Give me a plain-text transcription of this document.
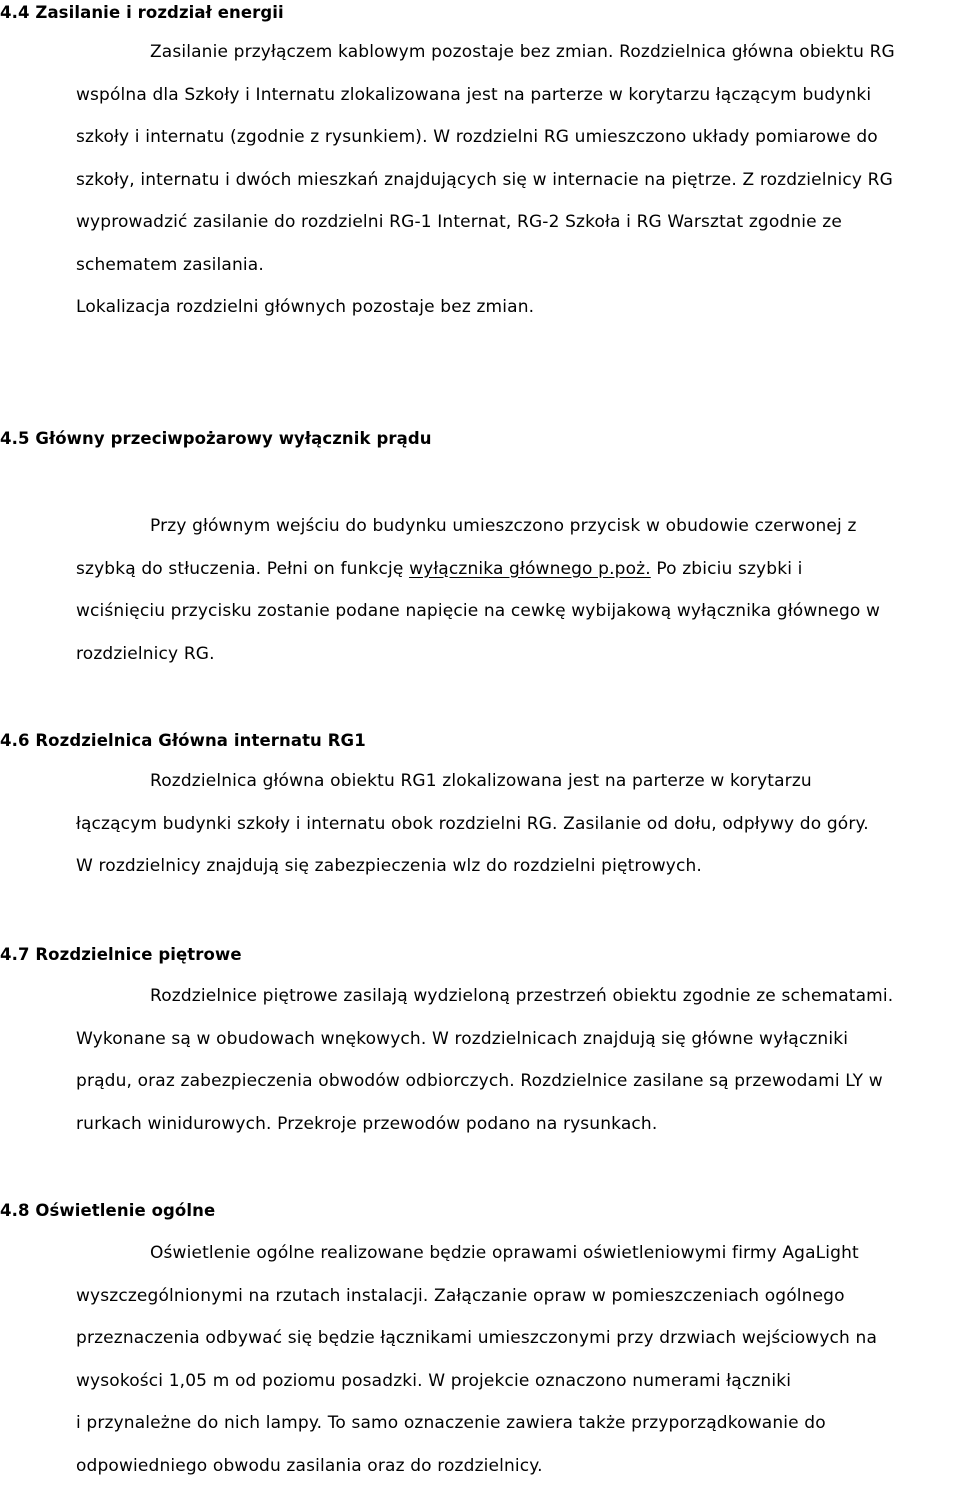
4.4 Zasilanie i rozdział energii
Zasilanie przyłączem kablowym pozostaje bez zmian. Rozdzielnica główna obiektu RG
wspólna dla Szkoły i Internatu zlokalizowana jest na parterze w korytarzu łączącym budynki
szkoły i internatu (zgodnie z rysunkiem). W rozdzielni RG umieszczono układy pomiarowe do
szkoły, internatu i dwóch mieszkań znajdujących się w internacie na piętrze. Z rozdzielnicy RG
wyprowadzić zasilanie do rozdzielni RG-1 Internat, RG-2 Szkoła i RG Warsztat zgodnie ze
schematem zasilania.
Lokalizacja rozdzielni głównych pozostaje bez zmian.
4.5 Główny przeciwpożarowy wyłącznik prądu
Przy głównym wejściu do budynku umieszczono przycisk w obudowie czerwonej z
szybką do stłuczenia. Pełni on funkcję wyłącznika głównego p.poż. Po zbiciu szybki i
wciśnięciu przycisku zostanie podane napięcie na cewkę wybijakową wyłącznika głównego w
rozdzielnicy RG.
4.6 Rozdzielnica Główna internatu RG1
Rozdzielnica główna obiektu RG1 zlokalizowana jest na parterze w korytarzu
łączącym budynki szkoły i internatu obok rozdzielni RG. Zasilanie od dołu, odpływy do góry.
W rozdzielnicy znajdują się zabezpieczenia wlz do rozdzielni piętrowych.
4.7 Rozdzielnice piętrowe
Rozdzielnice piętrowe zasilają wydzieloną przestrzeń obiektu zgodnie ze schematami.
Wykonane są w obudowach wnękowych. W rozdzielnicach znajdują się główne wyłączniki
prądu, oraz zabezpieczenia obwodów odbiorczych. Rozdzielnice zasilane są przewodami LY w
rurkach winidurowych. Przekroje przewodów podano na rysunkach.
4.8 Oświetlenie ogólne
Oświetlenie ogólne realizowane będzie oprawami oświetleniowymi firmy AgaLight
wyszczególnionymi na rzutach instalacji. Załączanie opraw w pomieszczeniach ogólnego
przeznaczenia odbywać się będzie łącznikami umieszczonymi przy drzwiach wejściowych na
wysokości 1,05 m od poziomu posadzki. W projekcie oznaczono numerami łączniki
i przynależne do nich lampy. To samo oznaczenie zawiera także przyporządkowanie do
odpowiedniego obwodu zasilania oraz do rozdzielnicy.
